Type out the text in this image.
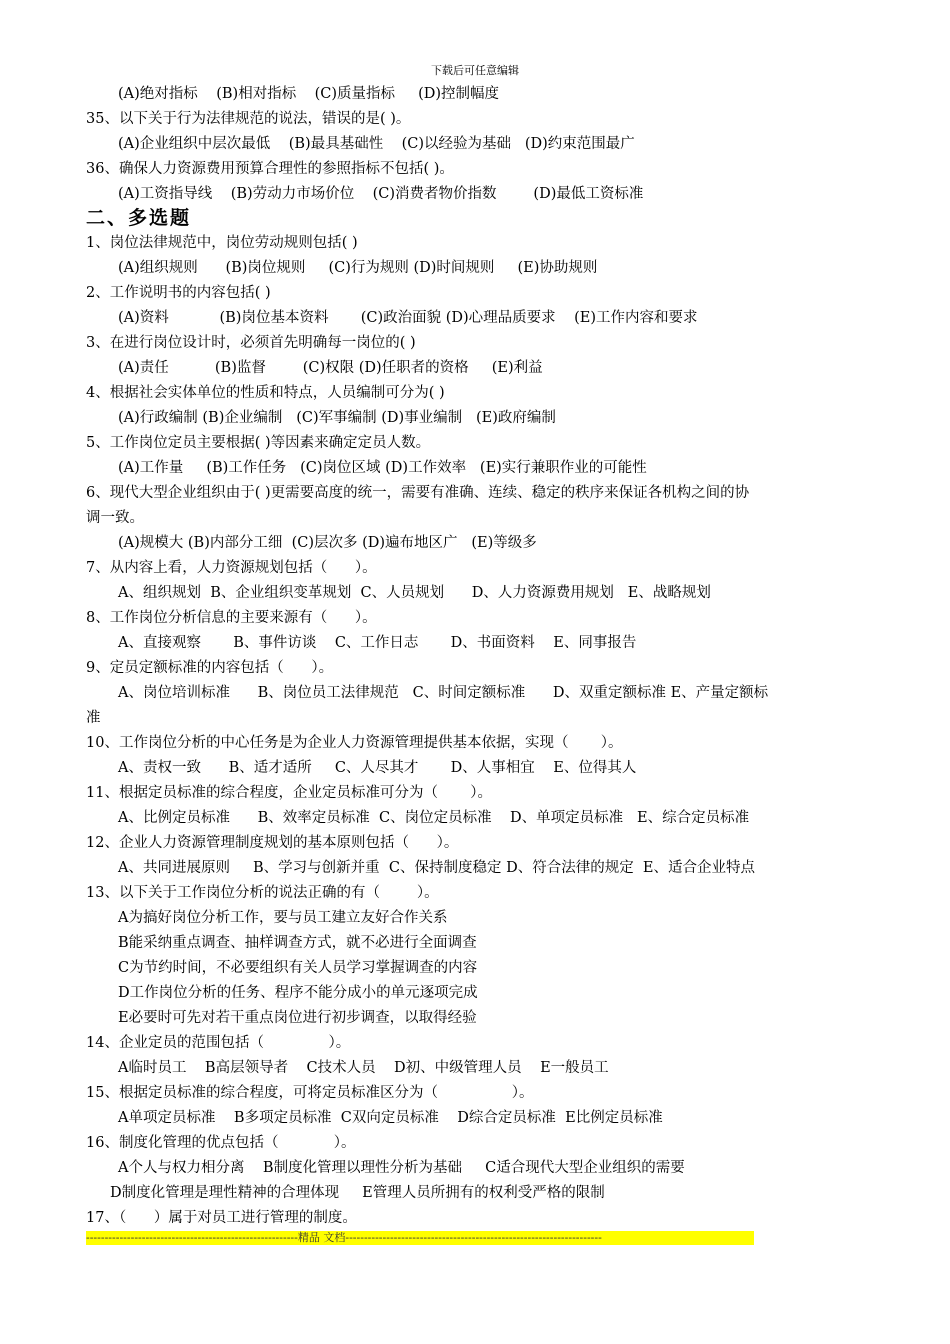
下载后可任意编辑
(A)绝对指标    (B)相对指标    (C)质量指标     (D)控制幅度
35、以下关于行为法律规范的说法，错误的是( )。
(A)企业组织中层次最低    (B)最具基础性    (C)以经验为基础   (D)约束范围最广
36、确保人力资源费用预算合理性的参照指标不包括( )。
(A)工资指导线    (B)劳动力市场价位    (C)消费者物价指数        (D)最低工资标准
二、多选题
1、岗位法律规范中，岗位劳动规则包括( )
(A)组织规则      (B)岗位规则     (C)行为规则 (D)时间规则     (E)协助规则
2、工作说明书的内容包括( )
(A)资料           (B)岗位基本资料       (C)政治面貌 (D)心理品质要求    (E)工作内容和要求
3、在进行岗位设计时，必须首先明确每一岗位的( )
(A)责任          (B)监督        (C)权限 (D)任职者的资格     (E)利益
4、根据社会实体单位的性质和特点，人员编制可分为( )
(A)行政编制 (B)企业编制   (C)军事编制 (D)事业编制   (E)政府编制
5、工作岗位定员主要根据( )等因素来确定定员人数。
(A)工作量     (B)工作任务   (C)岗位区域 (D)工作效率   (E)实行兼职作业的可能性
6、现代大型企业组织由于( )更需要高度的统一，需要有准确、连续、稳定的秩序来保证各机构之间的协
调一致。
(A)规模大 (B)内部分工细  (C)层次多 (D)遍布地区广   (E)等级多
7、从内容上看，人力资源规划包括（      ）。
A、组织规划  B、企业组织变革规划  C、人员规划      D、人力资源费用规划   E、战略规划
8、工作岗位分析信息的主要来源有（      ）。
A、直接观察       B、事件访谈    C、工作日志       D、书面资料    E、同事报告
9、定员定额标准的内容包括（      ）。
A、岗位培训标准      B、岗位员工法律规范   C、时间定额标准      D、双重定额标准 E、产量定额标
准
10、工作岗位分析的中心任务是为企业人力资源管理提供基本依据，实现（       ）。
A、责权一致      B、适才适所     C、人尽其才       D、人事相宜    E、位得其人
11、根据定员标准的综合程度，企业定员标准可分为（       ）。
A、比例定员标准      B、效率定员标准  C、岗位定员标准    D、单项定员标准   E、综合定员标准
12、企业人力资源管理制度规划的基本原则包括（      ）。
A、共同进展原则     B、学习与创新并重  C、保持制度稳定 D、符合法律的规定  E、适合企业特点
13、以下关于工作岗位分析的说法正确的有（        ）。
A为搞好岗位分析工作，要与员工建立友好合作关系
B能采纳重点调查、抽样调查方式，就不必进行全面调查
C为节约时间，不必要组织有关人员学习掌握调查的内容
D工作岗位分析的任务、程序不能分成小的单元逐项完成
E必要时可先对若干重点岗位进行初步调查，以取得经验
14、企业定员的范围包括（              ）。
A临时员工    B高层领导者    C技术人员    D初、中级管理人员    E一般员工
15、根据定员标准的综合程度，可将定员标准区分为（                ）。
A单项定员标准    B多项定员标准  C双向定员标准    D综合定员标准  E比例定员标准
16、制度化管理的优点包括（            ）。
A个人与权力相分离    B制度化管理以理性分析为基础     C适合现代大型企业组织的需要
D制度化管理是理性精神的合理体现     E管理人员所拥有的权利受严格的限制
17、（      ）属于对员工进行管理的制度。
---------------------------------------------------------精品 文档---------------------------------------------------------------------
